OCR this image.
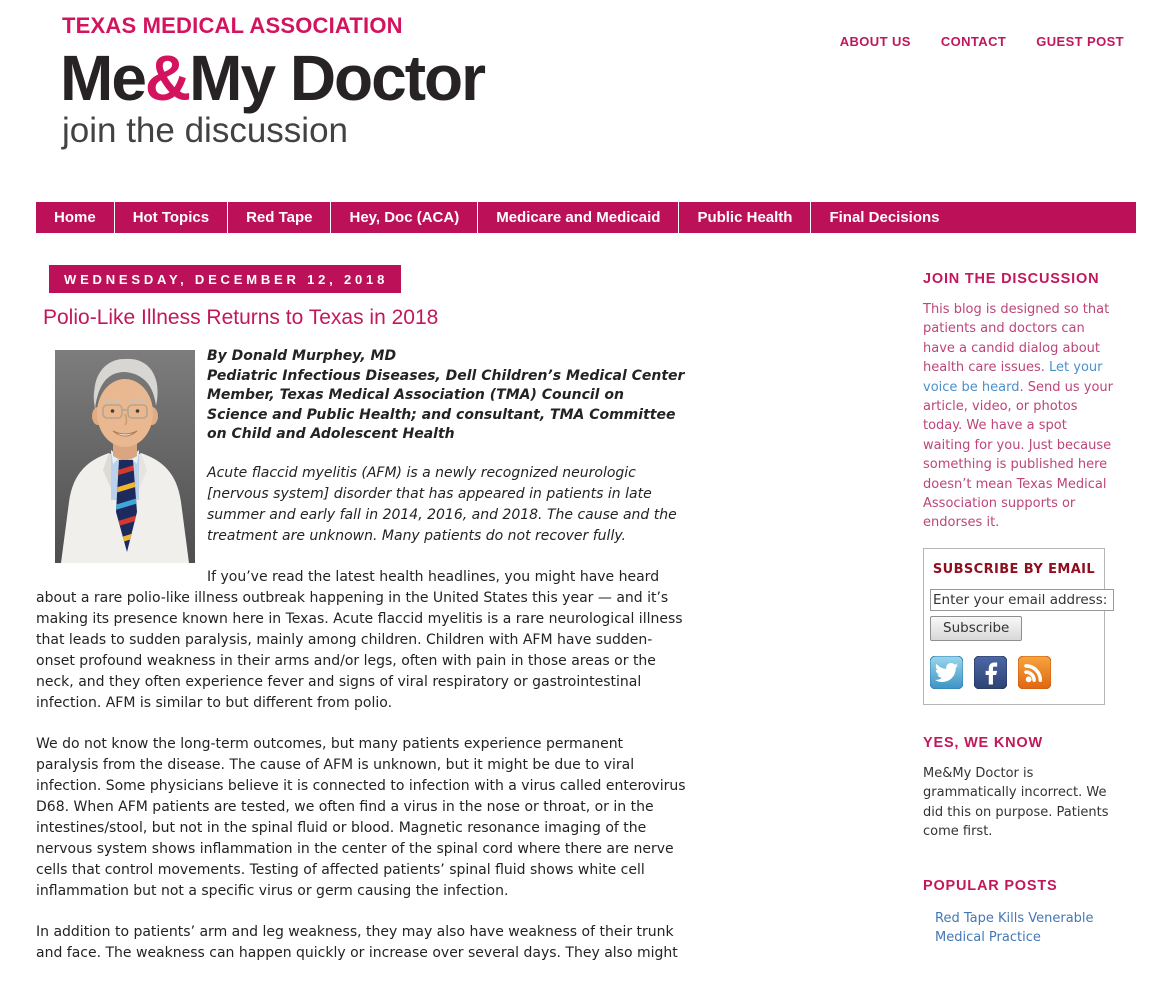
TEXAS MEDICAL ASSOCIATION
Me&My Doctor
join the discussion
ABOUT US CONTACT GUEST POST
Home	Hot Topics	Red Tape	Hey, Doc (ACA)	Medicare and Medicaid	Public Health	Final Decisions
WEDNESDAY, DECEMBER 12, 2018
Polio-Like Illness Returns to Texas in 2018
By Donald Murphey, MD
Pediatric Infectious Diseases, Dell Children’s Medical Center
Member, Texas Medical Association (TMA) Council on Science and Public Health; and consultant, TMA Committee on Child and Adolescent Health

Acute flaccid myelitis (AFM) is a newly recognized neurologic [nervous system] disorder that has appeared in patients in late summer and early fall in 2014, 2016, and 2018. The cause and the treatment are unknown. Many patients do not recover fully.

If you’ve read the latest health headlines, you might have heard about a rare polio-like illness outbreak happening in the United States this year — and it’s making its presence known here in Texas. Acute flaccid myelitis is a rare neurological illness that leads to sudden paralysis, mainly among children. Children with AFM have sudden-onset profound weakness in their arms and/or legs, often with pain in those areas or the neck, and they often experience fever and signs of viral respiratory or gastrointestinal infection. AFM is similar to but different from polio.

We do not know the long-term outcomes, but many patients experience permanent paralysis from the disease. The cause of AFM is unknown, but it might be due to viral infection. Some physicians believe it is connected to infection with a virus called enterovirus D68. When AFM patients are tested, we often find a virus in the nose or throat, or in the intestines/stool, but not in the spinal fluid or blood. Magnetic resonance imaging of the nervous system shows inflammation in the center of the spinal cord where there are nerve cells that control movements. Testing of affected patients’ spinal fluid shows white cell inflammation but not a specific virus or germ causing the infection.

In addition to patients’ arm and leg weakness, they may also have weakness of their trunk and face. The weakness can happen quickly or increase over several days. They also might

JOIN THE DISCUSSION
This blog is designed so that patients and doctors can have a candid dialog about health care issues. Let your voice be heard. Send us your article, video, or photos today. We have a spot waiting for you. Just because something is published here doesn’t mean Texas Medical Association supports or endorses it.
SUBSCRIBE BY EMAIL
Enter your email address: Subscribe
YES, WE KNOW
Me&My Doctor is grammatically incorrect. We did this on purpose. Patients come first.
POPULAR POSTS
Red Tape Kills Venerable Medical Practice
